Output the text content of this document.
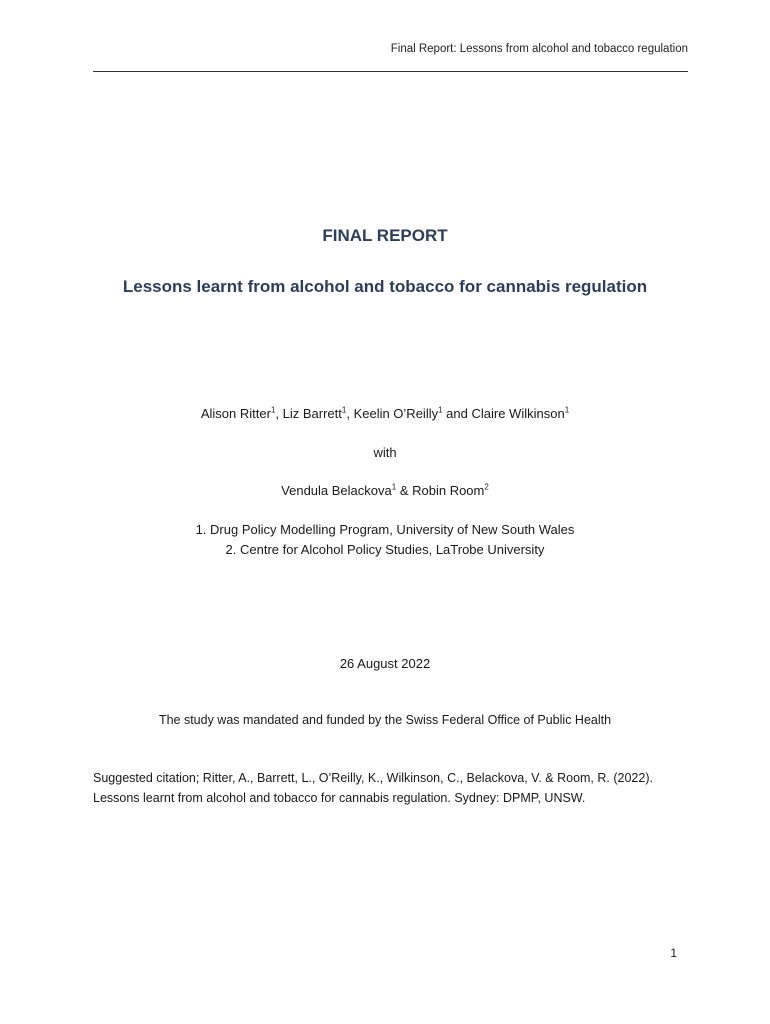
Final Report: Lessons from alcohol and tobacco regulation
FINAL REPORT
Lessons learnt from alcohol and tobacco for cannabis regulation
Alison Ritter$^1$, Liz Barrett$^1$, Keelin O’Reilly$^1$ and Claire Wilkinson$^1$
with
Vendula Belackova$^1$ & Robin Room$^2$
1. Drug Policy Modelling Program, University of New South Wales
2. Centre for Alcohol Policy Studies, LaTrobe University
26 August 2022
The study was mandated and funded by the Swiss Federal Office of Public Health
Suggested citation; Ritter, A., Barrett, L., O’Reilly, K., Wilkinson, C., Belackova, V. & Room, R. (2022).
Lessons learnt from alcohol and tobacco for cannabis regulation. Sydney: DPMP, UNSW.
1
